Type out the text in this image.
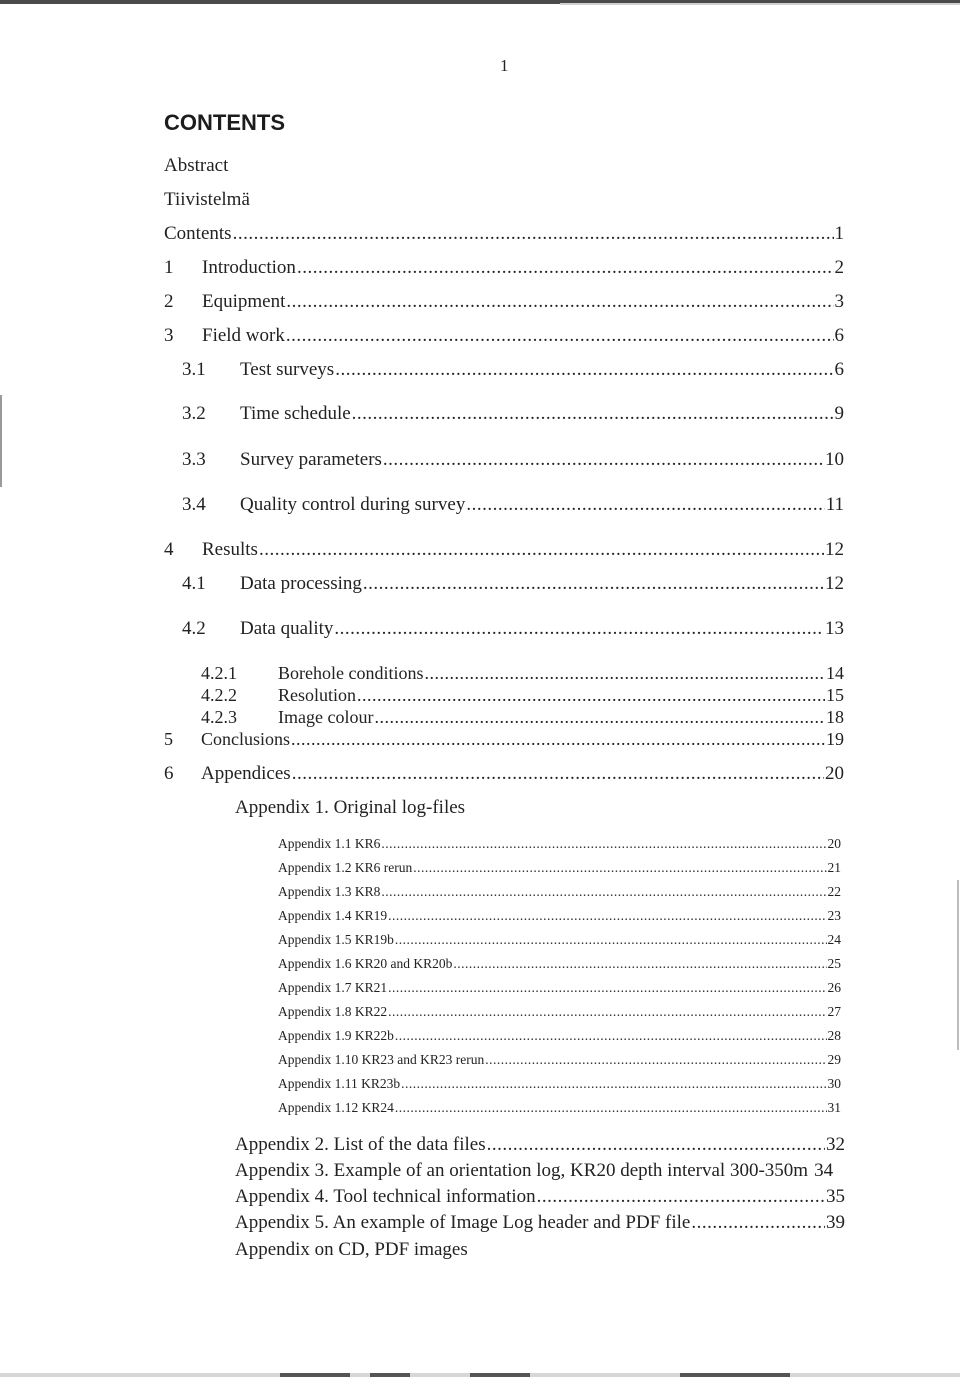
1
CONTENTS
Abstract
Tiivistelmä
Contents .....	1
1	Introduction .....	2
2	Equipment .....	3
3	Field work .....	6
3.1	Test surveys .....	6
3.2	Time schedule .....	9
3.3	Survey parameters .....	10
3.4	Quality control during survey .....	11
4	Results .....	12
4.1	Data processing .....	12
4.2	Data quality .....	13
4.2.1	Borehole conditions .....	14
4.2.2	Resolution .....	15
4.2.3	Image colour .....	18
5	Conclusions .....	19
6	Appendices .....	20
Appendix 1. Original log-files
Appendix 1.1 KR6 .....	20
Appendix 1.2 KR6 rerun .....	21
Appendix 1.3 KR8 .....	22
Appendix 1.4 KR19 .....	23
Appendix 1.5 KR19b .....	24
Appendix 1.6 KR20 and KR20b .....	25
Appendix 1.7 KR21 .....	26
Appendix 1.8 KR22 .....	27
Appendix 1.9 KR22b .....	28
Appendix 1.10 KR23 and KR23 rerun .....	29
Appendix 1.11 KR23b .....	30
Appendix 1.12 KR24 .....	31
Appendix 2. List of the data files .....	32
Appendix 3. Example of an orientation log, KR20 depth interval 300-350m 34
Appendix 4. Tool technical information .....	35
Appendix 5. An example of Image Log header and PDF file .....	39
Appendix on CD, PDF images
